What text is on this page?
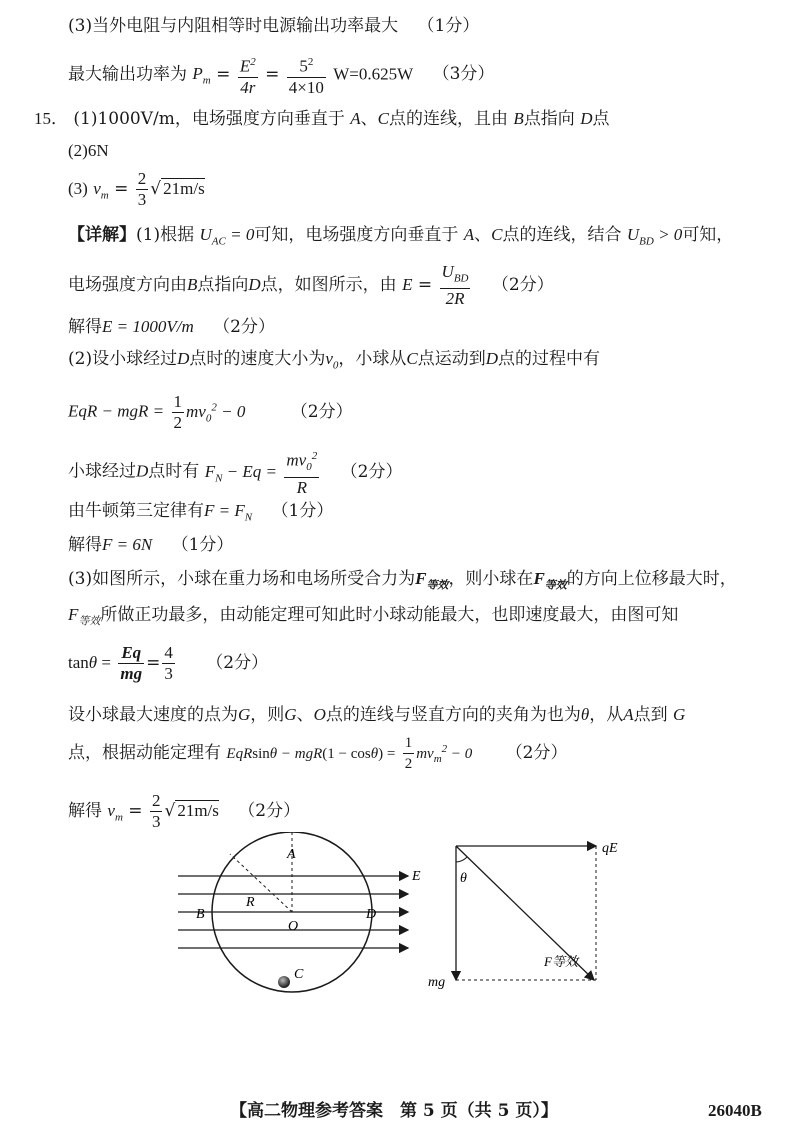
(3)当外电阻与内阻相等时电源输出功率最大 （1分）
最大输出功率为 $P_m = \frac{E^2}{4r} = \frac{5^2}{4\times 10} W=0.625W$ （3分）
15． (1)1000V/m，电场强度方向垂直于 A、C点的连线，且由 B点指向 D点
(2)6N
(3) $v_m = \frac{2}{3}$ √ 21m/s
【详解】(1)根据 $U_{AC} = 0$可知，电场强度方向垂直于 A、C点的连线，结合 $U_{BD} > 0$可知，
电场强度方向由B点指向D点，如图所示，由 $E = \frac{U_{BD}}{2R} (2$分）
解得E = 1000V/m （2分）
(2)设小球经过D点时的速度大小为$v_0$，小球从C点运动到D点的过程中有
EqR − mgR = $\frac{1}{2} mv_0^2 - 0$	（2分）
小球经过D点时有 $F_N - Eq = \frac{mv_0^2}{R} (2$分）
由牛顿第三定律有$F = F_N$ （1分）
解得F = 6N （1分）
(3)如图所示，小球在重力场和电场所受合力为$F_{等效}$，则小球在$F_{等效}$的方向上位移最大时，
$F_{等效}$所做正功最多，由动能定理可知此时小球动能最大，也即速度最大，由图可知
$\tan\theta = \frac{Eq}{mg} = \frac{4}{3} (2$分）
设小球最大速度的点为G，则G、O点的连线与竖直方向的夹角为也为θ，从A点到 G
点，根据动能定理有 $EqRsin\theta - mgR(1 - \cos\theta) = \frac{1}{2} mv_m^2 - 0$ （2分）
解得 $v_m = \frac{2}{3}$ √ 21m/s （2分）
A
B
C
D
O
R
E
qE
θ
mg
F等效
【高二物理参考答案　第 5 页（共 5 页）】	26040B
